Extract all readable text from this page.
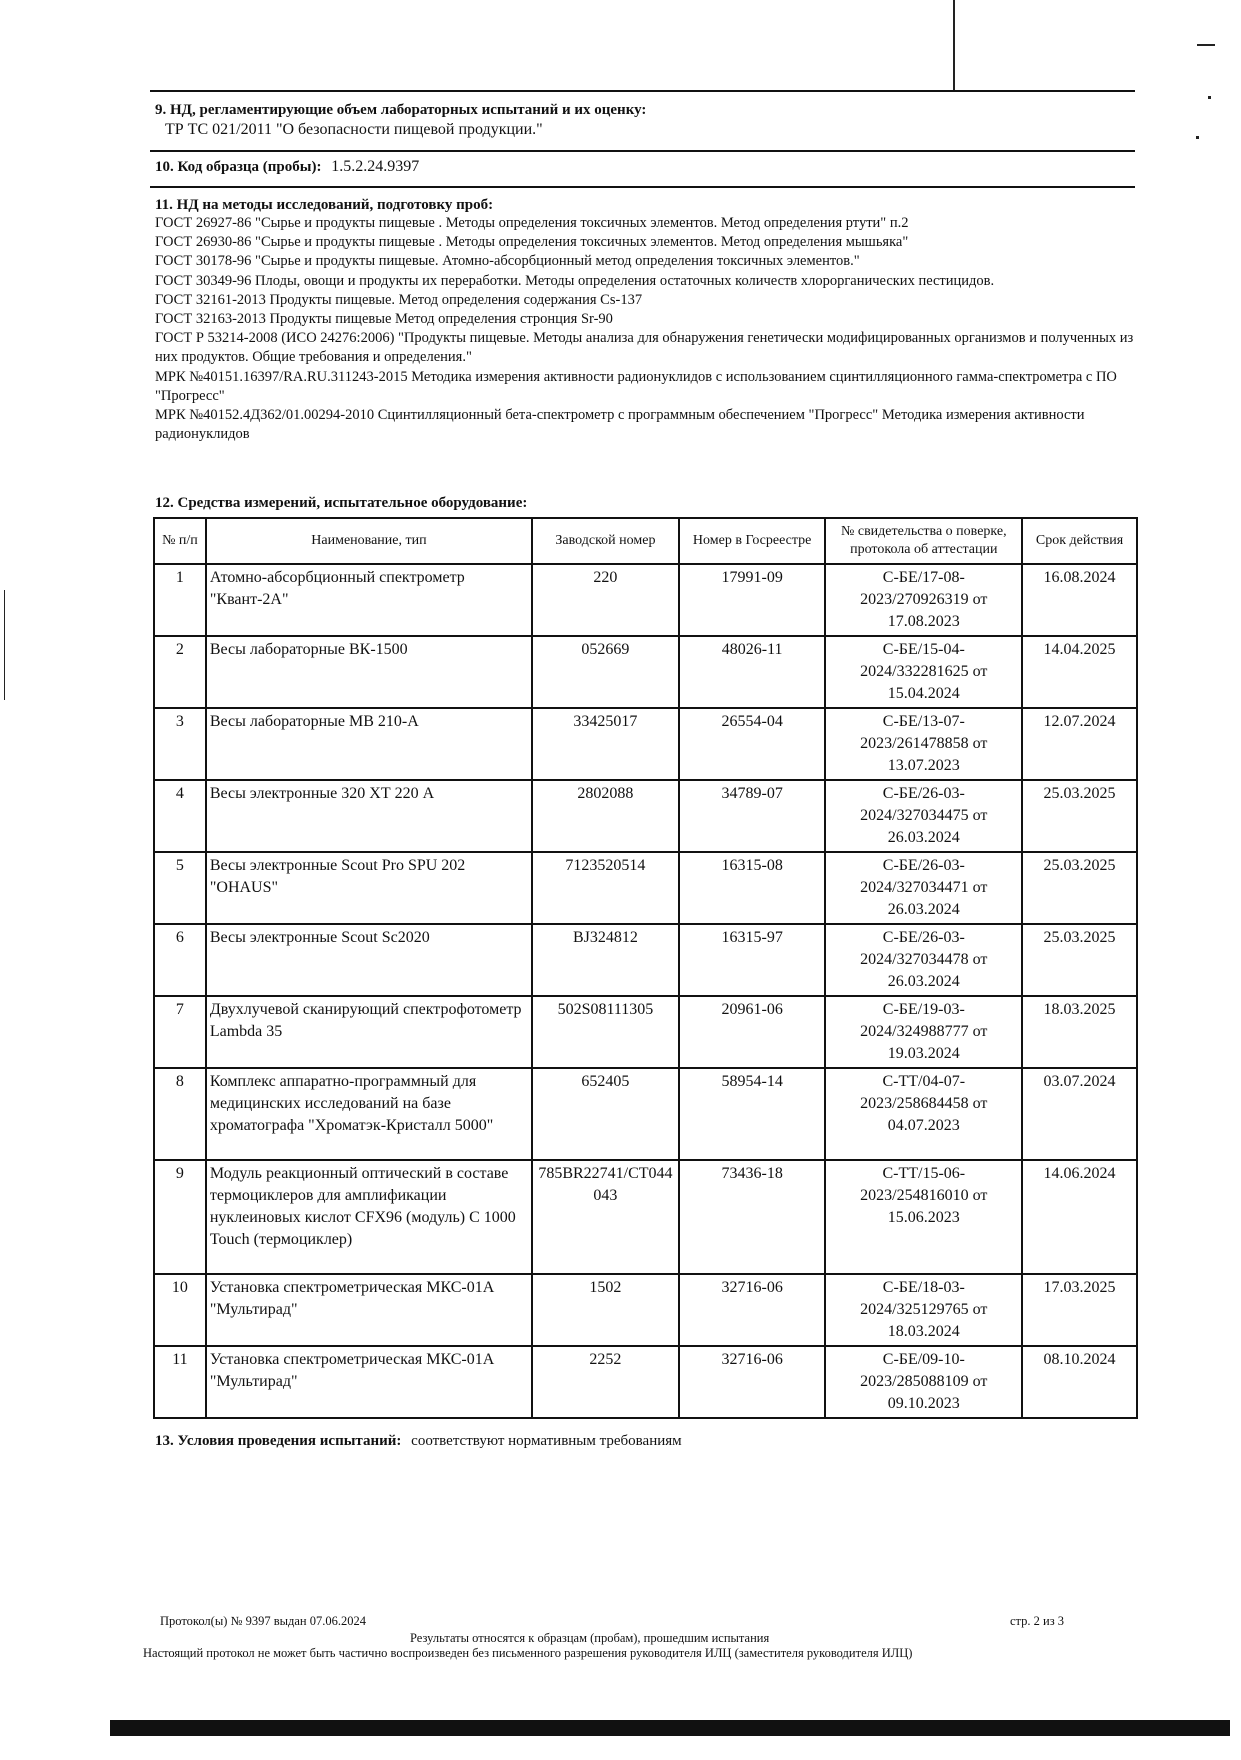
9. НД, регламентирующие объем лабораторных испытаний и их оценку:
ТР ТС 021/2011 "О безопасности пищевой продукции."
10. Код образца (пробы): 1.5.2.24.9397
11. НД на методы исследований, подготовку проб:
ГОСТ 26927-86 "Сырье и продукты пищевые . Методы определения токсичных элементов. Метод определения ртути" п.2
ГОСТ 26930-86 "Сырье и продукты пищевые . Методы определения токсичных элементов. Метод определения мышьяка"
ГОСТ 30178-96 "Сырье и продукты пищевые. Атомно-абсорбционный метод определения токсичных элементов."
ГОСТ 30349-96 Плоды, овощи и продукты их переработки. Методы определения остаточных количеств хлорорганических пестицидов.
ГОСТ 32161-2013 Продукты пищевые. Метод определения содержания Cs-137
ГОСТ 32163-2013 Продукты пищевые Метод определения стронция Sr-90
ГОСТ Р 53214-2008 (ИСО 24276:2006) "Продукты пищевые. Методы анализа для обнаружения генетически модифицированных организмов и полученных из них продуктов. Общие требования и определения."
МРК №40151.16397/RA.RU.311243-2015 Методика измерения активности радионуклидов с использованием сцинтилляционного гамма-спектрометра с ПО "Прогресс"
МРК №40152.4Д362/01.00294-2010 Сцинтилляционный бета-спектрометр с программным обеспечением "Прогресс" Методика измерения активности радионуклидов
12. Средства измерений, испытательное оборудование:
№ п/п	Наименование, тип	Заводской номер	Номер в Госреестре	№ свидетельства о поверке, протокола об аттестации	Срок действия
1	Атомно-абсорбционный спектрометр "Квант-2А"	220	17991-09	С-БЕ/17-08-2023/270926319 от 17.08.2023	16.08.2024
2	Весы лабораторные ВК-1500	052669	48026-11	С-БЕ/15-04-2024/332281625 от 15.04.2024	14.04.2025
3	Весы лабораторные МВ 210-А	33425017	26554-04	С-БЕ/13-07-2023/261478858 от 13.07.2023	12.07.2024
4	Весы электронные 320 ХТ 220 А	2802088	34789-07	С-БЕ/26-03-2024/327034475 от 26.03.2024	25.03.2025
5	Весы электронные Scout Pro SPU 202 "OHAUS"	7123520514	16315-08	С-БЕ/26-03-2024/327034471 от 26.03.2024	25.03.2025
6	Весы электронные Scout Sc2020	BJ324812	16315-97	С-БЕ/26-03-2024/327034478 от 26.03.2024	25.03.2025
7	Двухлучевой сканирующий спектрофотометр Lambda 35	502S08111305	20961-06	С-БЕ/19-03-2024/324988777 от 19.03.2024	18.03.2025
8	Комплекс аппаратно-программный для медицинских исследований на базе хроматографа "Хроматэк-Кристалл 5000"	652405	58954-14	С-ТТ/04-07-2023/258684458 от 04.07.2023	03.07.2024
9	Модуль реакционный оптический в составе термоциклеров для амплификации нуклеиновых кислот CFX96 (модуль) С 1000 Touch (термоциклер)	785BR22741/CT044043	73436-18	С-ТТ/15-06-2023/254816010 от 15.06.2023	14.06.2024
10	Установка спектрометрическая МКС-01А "Мультирад"	1502	32716-06	С-БЕ/18-03-2024/325129765 от 18.03.2024	17.03.2025
11	Установка спектрометрическая МКС-01А "Мультирад"	2252	32716-06	С-БЕ/09-10-2023/285088109 от 09.10.2023	08.10.2024
13. Условия проведения испытаний: соответствуют нормативным требованиям
Протокол(ы) № 9397 выдан 07.06.2024	стр. 2 из 3
Результаты относятся к образцам (пробам), прошедшим испытания
Настоящий протокол не может быть частично воспроизведен без письменного разрешения руководителя ИЛЦ (заместителя руководителя ИЛЦ)
